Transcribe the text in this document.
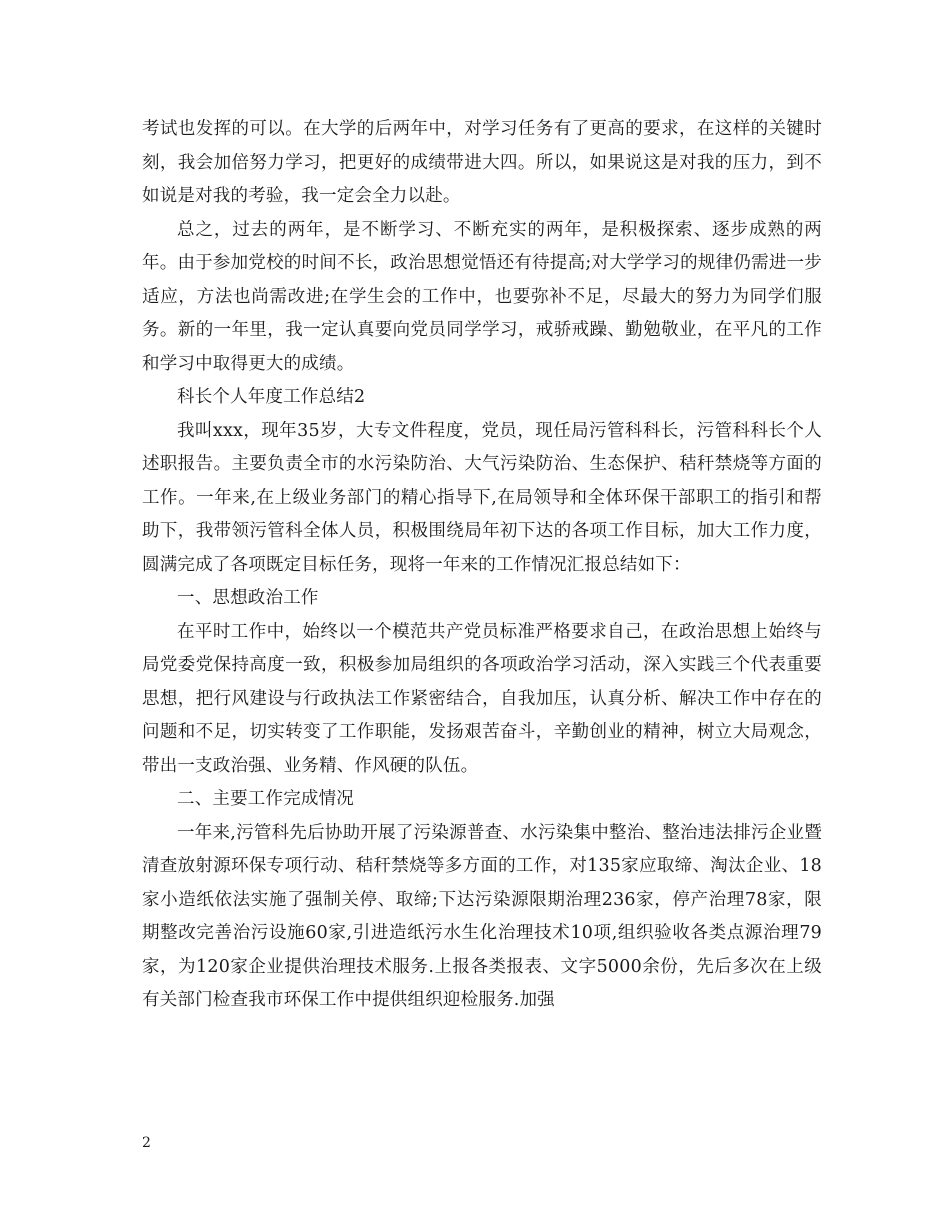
考试也发挥的可以。在大学的后两年中，对学习任务有了更高的要求，在这样的关键时刻，我会加倍努力学习，把更好的成绩带进大四。所以，如果说这是对我的压力，到不如说是对我的考验，我一定会全力以赴。

总之，过去的两年，是不断学习、不断充实的两年，是积极探索、逐步成熟的两年。由于参加党校的时间不长，政治思想觉悟还有待提高;对大学学习的规律仍需进一步适应，方法也尚需改进;在学生会的工作中，也要弥补不足，尽最大的努力为同学们服务。新的一年里，我一定认真要向党员同学学习，戒骄戒躁、勤勉敬业，在平凡的工作和学习中取得更大的成绩。

科长个人年度工作总结2

我叫xxx，现年35岁，大专文件程度，党员，现任局污管科科长，污管科科长个人述职报告。主要负责全市的水污染防治、大气污染防治、生态保护、秸秆禁烧等方面的工作。一年来,在上级业务部门的精心指导下,在局领导和全体环保干部职工的指引和帮助下，我带领污管科全体人员，积极围绕局年初下达的各项工作目标，加大工作力度，圆满完成了各项既定目标任务，现将一年来的工作情况汇报总结如下：

一、思想政治工作

在平时工作中，始终以一个模范共产党员标准严格要求自己，在政治思想上始终与局党委党保持高度一致，积极参加局组织的各项政治学习活动，深入实践三个代表重要思想，把行风建设与行政执法工作紧密结合，自我加压，认真分析、解决工作中存在的问题和不足，切实转变了工作职能，发扬艰苦奋斗，辛勤创业的精神，树立大局观念，带出一支政治强、业务精、作风硬的队伍。

二、主要工作完成情况

一年来,污管科先后协助开展了污染源普查、水污染集中整治、整治违法排污企业暨清查放射源环保专项行动、秸秆禁烧等多方面的工作，对135家应取缔、淘汰企业、18家小造纸依法实施了强制关停、取缔;下达污染源限期治理236家，停产治理78家，限期整改完善治污设施60家,引进造纸污水生化治理技术10项,组织验收各类点源治理79家，为120家企业提供治理技术服务.上报各类报表、文字5000余份，先后多次在上级有关部门检查我市环保工作中提供组织迎检服务.加强

2
